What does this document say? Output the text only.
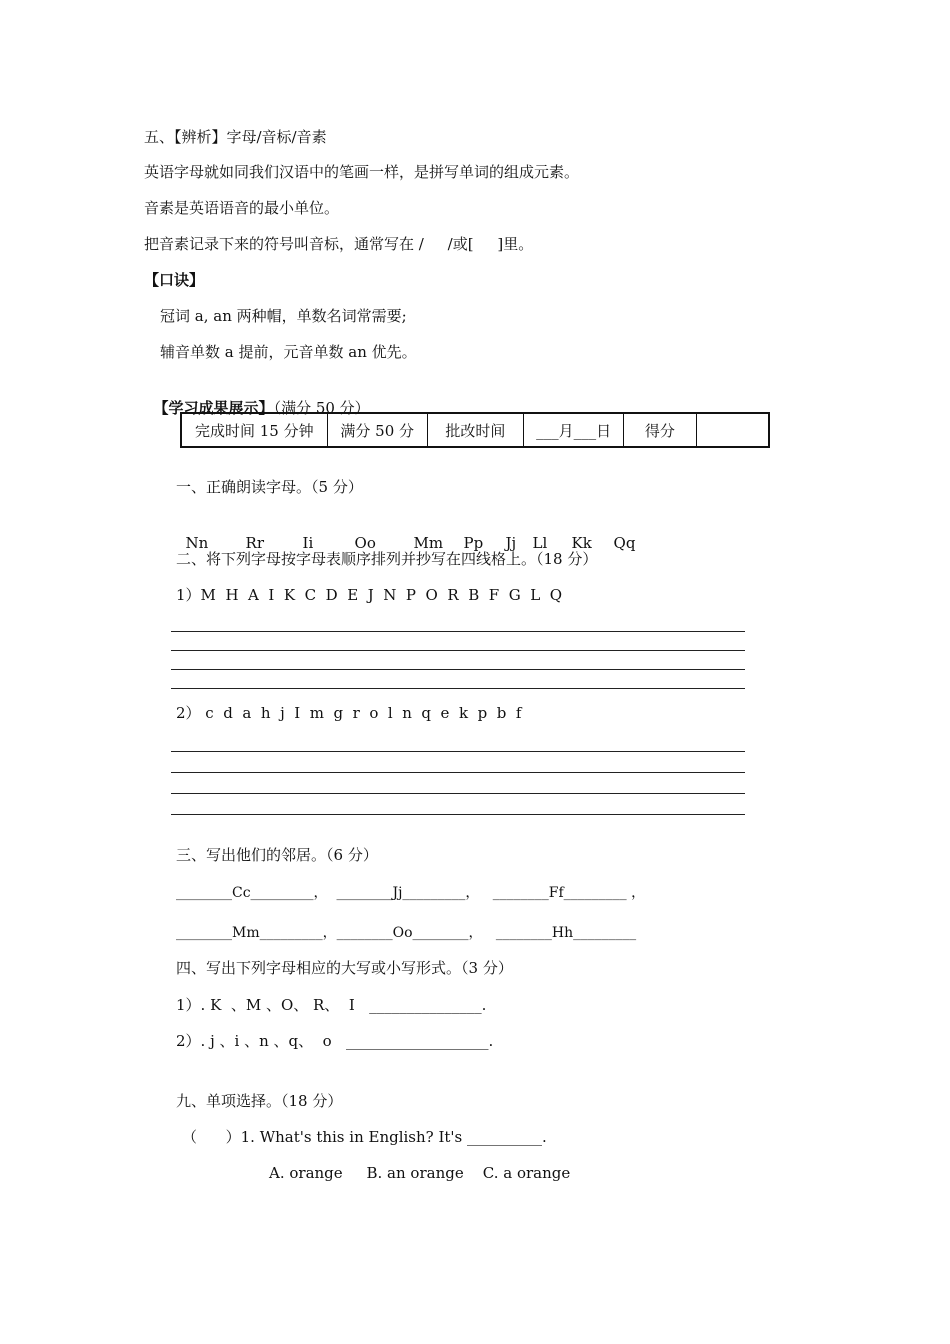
五、【辨析】字母/音标/音素
英语字母就如同我们汉语中的笔画一样，是拼写单词的组成元素。
音素是英语语音的最小单位。
把音素记录下来的符号叫音标，通常写在 /     /或[     ]里。
【口诀】
冠词 a, an 两种帽，单数名词常需要;
辅音单数 a 提前，元音单数 an 优先。

【学习成果展示】（满分 50 分）

完成时间 15 分钟	满分 50 分	批改时间	___月___日	得分	
一、正确朗读字母。（5 分）

Nn Rr	Ii	Oo	Mm Pp Jj Ll Kk Qq

二、将下列字母按字母表顺序排列并抄写在四线格上。（18 分）
1）M  H  A  I  K  C  D  E  J  N  P  O  R  B  F  G  L  Q
2） c  d  a  h  j  I  m  g  r  o  l  n  q  e  k  p  b  f
三、写出他们的邻居。（6 分）
________Cc_________，  ________Jj_________，   ________Ff_________ ，
________Mm_________，________Oo________，   ________Hh_________
四、写出下列字母相应的大写或小写形式。（3 分）
1）. K  、M 、O、 R、  I   _______________.
2）. j 、i 、n 、q、  o   ___________________.
九、单项选择。（18 分）
（      ）1. What's this in English? It's __________.
A. orange     B. an orange    C. a orange
